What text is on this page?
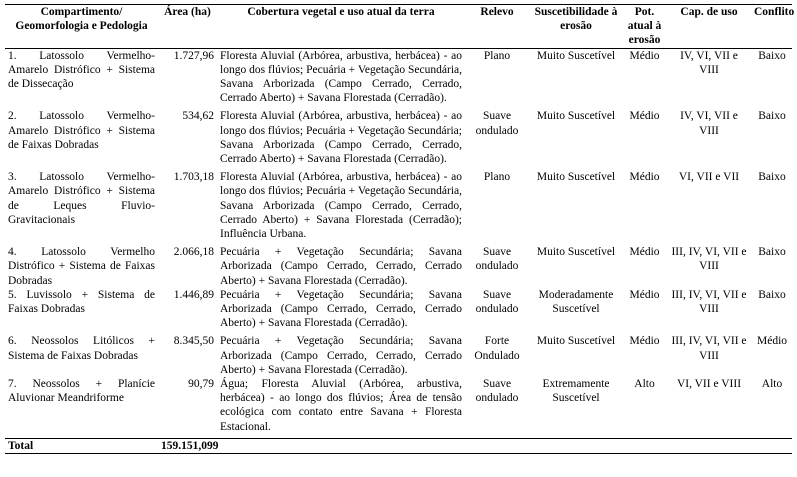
Compartimento/ Geomorfologia e Pedologia	Área (ha)	Cobertura vegetal e uso atual da terra	Relevo	Suscetibilidade à erosão	Pot. atual à erosão	Cap. de uso	Conflito
1. Latossolo Vermelho-Amarelo Distrófico + Sistema de Dissecação	1.727,96	Floresta Aluvial (Arbórea, arbustiva, herbácea) - ao longo dos flúvios; Pecuária + Vegetação Secundária, Savana Arborizada (Campo Cerrado, Cerrado, Cerrado Aberto) + Savana Florestada (Cerradão).	Plano	Muito Suscetível	Médio	IV, VI, VII e VIII	Baixo

2. Latossolo Vermelho-Amarelo Distrófico + Sistema de Faixas Dobradas	534,62	Floresta Aluvial (Arbórea, arbustiva, herbácea) - ao longo dos flúvios; Pecuária + Vegetação Secundária; Savana Arborizada (Campo Cerrado, Cerrado, Cerrado Aberto) + Savana Florestada (Cerradão).	Suave ondulado	Muito Suscetível	Médio	IV, VI, VII e VIII	Baixo

3. Latossolo Vermelho-Amarelo Distrófico + Sistema de Leques Fluvio-Gravitacionais	1.703,18	Floresta Aluvial (Arbórea, arbustiva, herbácea) - ao longo dos flúvios; Pecuária + Vegetação Secundária, Savana Arborizada (Campo Cerrado, Cerrado, Cerrado Aberto) + Savana Florestada (Cerradão); Influência Urbana.	Plano	Muito Suscetível	Médio	VI, VII e VII	Baixo

4. Latossolo Vermelho Distrófico + Sistema de Faixas Dobradas	2.066,18	Pecuária + Vegetação Secundária; Savana Arborizada (Campo Cerrado, Cerrado, Cerrado Aberto) + Savana Florestada (Cerradão).	Suave ondulado	Muito Suscetível	Médio	III, IV, VI, VII e VIII	Baixo
5. Luvissolo + Sistema de Faixas Dobradas	1.446,89	Pecuária + Vegetação Secundária; Savana Arborizada (Campo Cerrado, Cerrado, Cerrado Aberto) + Savana Florestada (Cerradão).	Suave ondulado	Moderadamente Suscetível	Médio	III, IV, VI, VII e VIII	Baixo

6. Neossolos Litólicos + Sistema de Faixas Dobradas	8.345,50	Pecuária + Vegetação Secundária; Savana Arborizada (Campo Cerrado, Cerrado, Cerrado Aberto) + Savana Florestada (Cerradão).	Forte Ondulado	Muito Suscetível	Médio	III, IV, VI, VII e VIII	Médio
7. Neossolos + Planície Aluvionar Meandriforme	90,79	Água; Floresta Aluvial (Arbórea, arbustiva, herbácea) - ao longo dos flúvios; Área de tensão ecológica com contato entre Savana + Floresta Estacional.	Suave ondulado	Extremamente Suscetível	Alto	VI, VII e VIII	Alto

Total	159.151,099						
